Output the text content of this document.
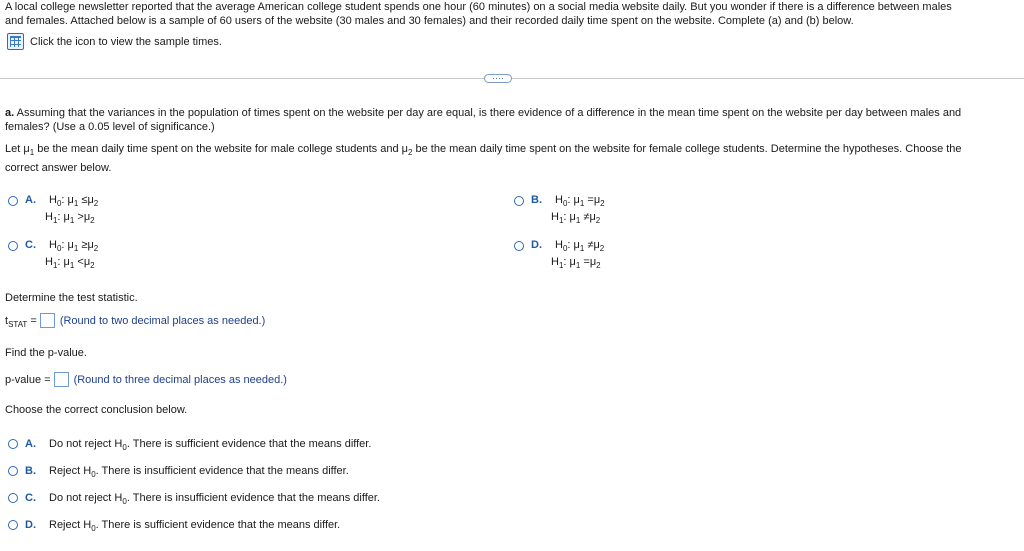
A local college newsletter reported that the average American college student spends one hour (60 minutes) on a social media website daily. But you wonder if there is a difference between males
and females. Attached below is a sample of 60 users of the website (30 males and 30 females) and their recorded daily time spent on the website. Complete (a) and (b) below.
Click the icon to view the sample times.
····
a. Assuming that the variances in the population of times spent on the website per day are equal, is there evidence of a difference in the mean time spent on the website per day between males and
females? (Use a 0.05 level of significance.)
Let $\mu_1$ be the mean daily time spent on the website for male college students and $\mu_2$ be the mean daily time spent on the website for female college students. Determine the hypotheses. Choose the
correct answer below.
A.	$H_0$: $\mu_1 \le\mu_2$
$H_1$: $\mu_1 >\mu_2$
B.	$H_0$: $\mu_1 =\mu_2$
$H_1$: $\mu_1 \ne\mu_2$
C.	$H_0$: $\mu_1 \ge\mu_2$
$H_1$: $\mu_1 <\mu_2$
D.	$H_0$: $\mu_1 \ne\mu_2$
$H_1$: $\mu_1 =\mu_2$
Determine the test statistic.
$t_{STAT}$ = (Round to two decimal places as needed.)
Find the p-value.
p-value = (Round to three decimal places as needed.)
Choose the correct conclusion below.
A.	Do not reject $H_0$. There is sufficient evidence that the means differ.
B.	Reject $H_0$. There is insufficient evidence that the means differ.
C.	Do not reject $H_0$. There is insufficient evidence that the means differ.
D.	Reject $H_0$. There is sufficient evidence that the means differ.
